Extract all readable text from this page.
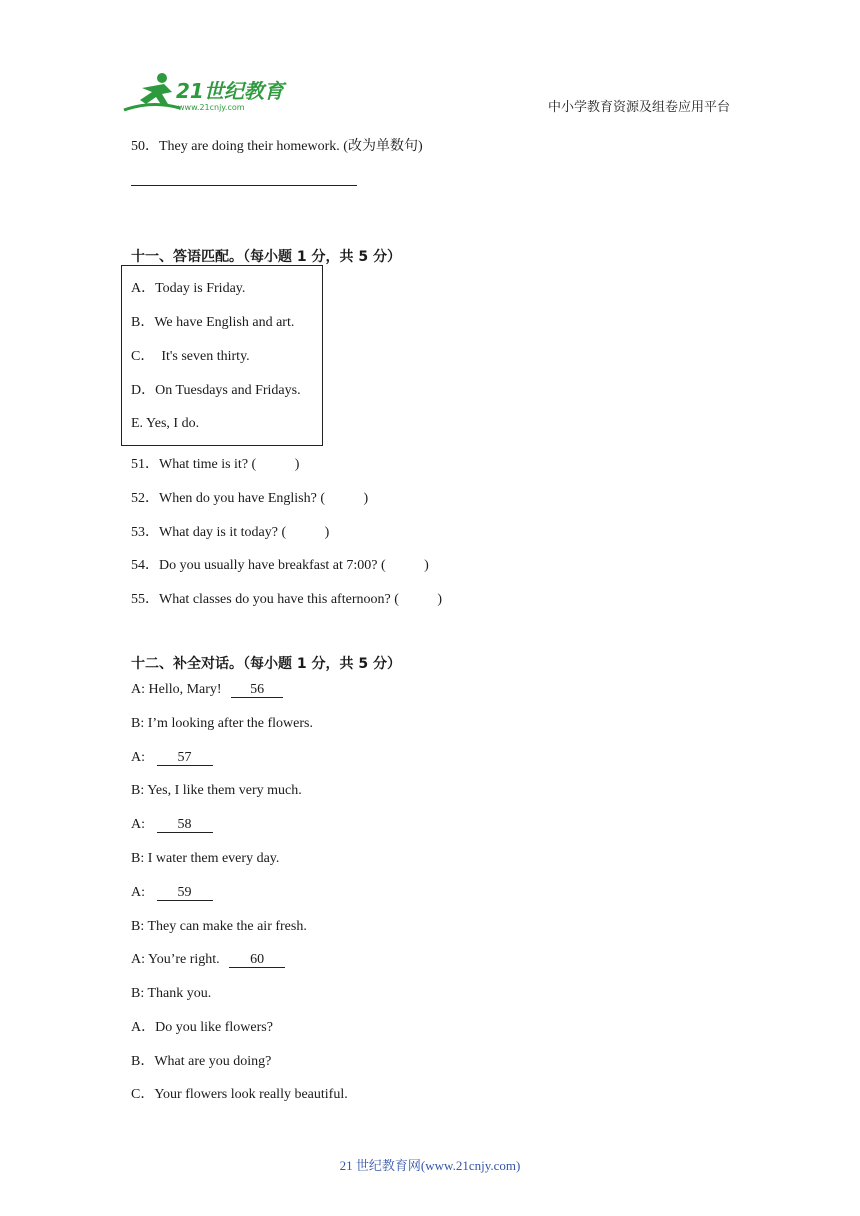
21世纪教育
www.21cnjy.com	中小学教育资源及组卷应用平台
50．They are doing their homework. (改为单数句)
十一、答语匹配。（每小题 1 分，共 5 分）
A．Today is Friday.
B．We have English and art.
C．  It's seven thirty.
D．On Tuesdays and Fridays.
E. Yes, I do.
51．What time is it? (           )
52．When do you have English? (           )
53．What day is it today? (           )
54．Do you usually have breakfast at 7:00? (           )
55．What classes do you have this afternoon? (           )
十二、补全对话。（每小题 1 分，共 5 分）
A: Hello, Mary! 56
B: I’m looking after the flowers.
A: 57
B: Yes, I like them very much.
A: 58
B: I water them every day.
A: 59
B: They can make the air fresh.
A: You’re right. 60
B: Thank you.
A．Do you like flowers?
B．What are you doing?
C．Your flowers look really beautiful.
21 世纪教育网(www.21cnjy.com)
